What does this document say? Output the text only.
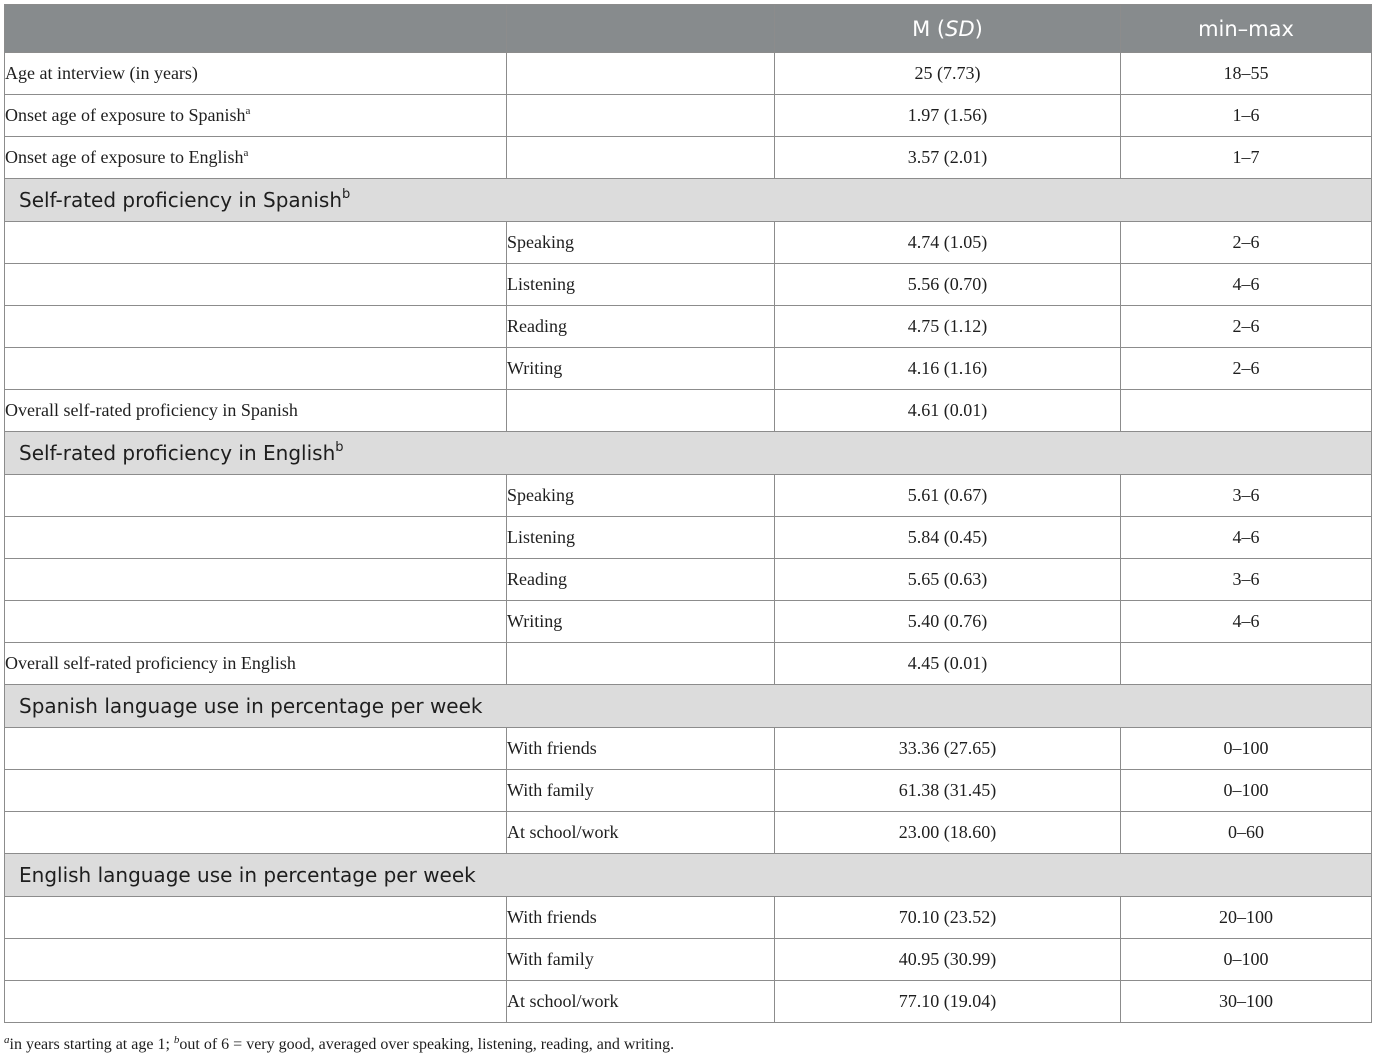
		M (SD)	min–max
Age at interview (in years)		25 (7.73)	18–55
Onset age of exposure to Spanish$^a$		1.97 (1.56)	1–6
Onset age of exposure to English$^a$		3.57 (2.01)	1–7
Self-rated proficiency in Spanish$^b$
	Speaking	4.74 (1.05)	2–6
	Listening	5.56 (0.70)	4–6
	Reading	4.75 (1.12)	2–6
	Writing	4.16 (1.16)	2–6
Overall self-rated proficiency in Spanish		4.61 (0.01)	
Self-rated proficiency in English$^b$
	Speaking	5.61 (0.67)	3–6
	Listening	5.84 (0.45)	4–6
	Reading	5.65 (0.63)	3–6
	Writing	5.40 (0.76)	4–6
Overall self-rated proficiency in English		4.45 (0.01)	
Spanish language use in percentage per week			
	With friends	33.36 (27.65)	0–100
	With family	61.38 (31.45)	0–100
	At school/work	23.00 (18.60)	0–60
English language use in percentage per week			
	With friends	70.10 (23.52)	20–100
	With family	40.95 (30.99)	0–100
	At school/work	77.10 (19.04)	30–100
$^a$in years starting at age 1; $^b$out of 6 = very good, averaged over speaking, listening, reading, and writing.
